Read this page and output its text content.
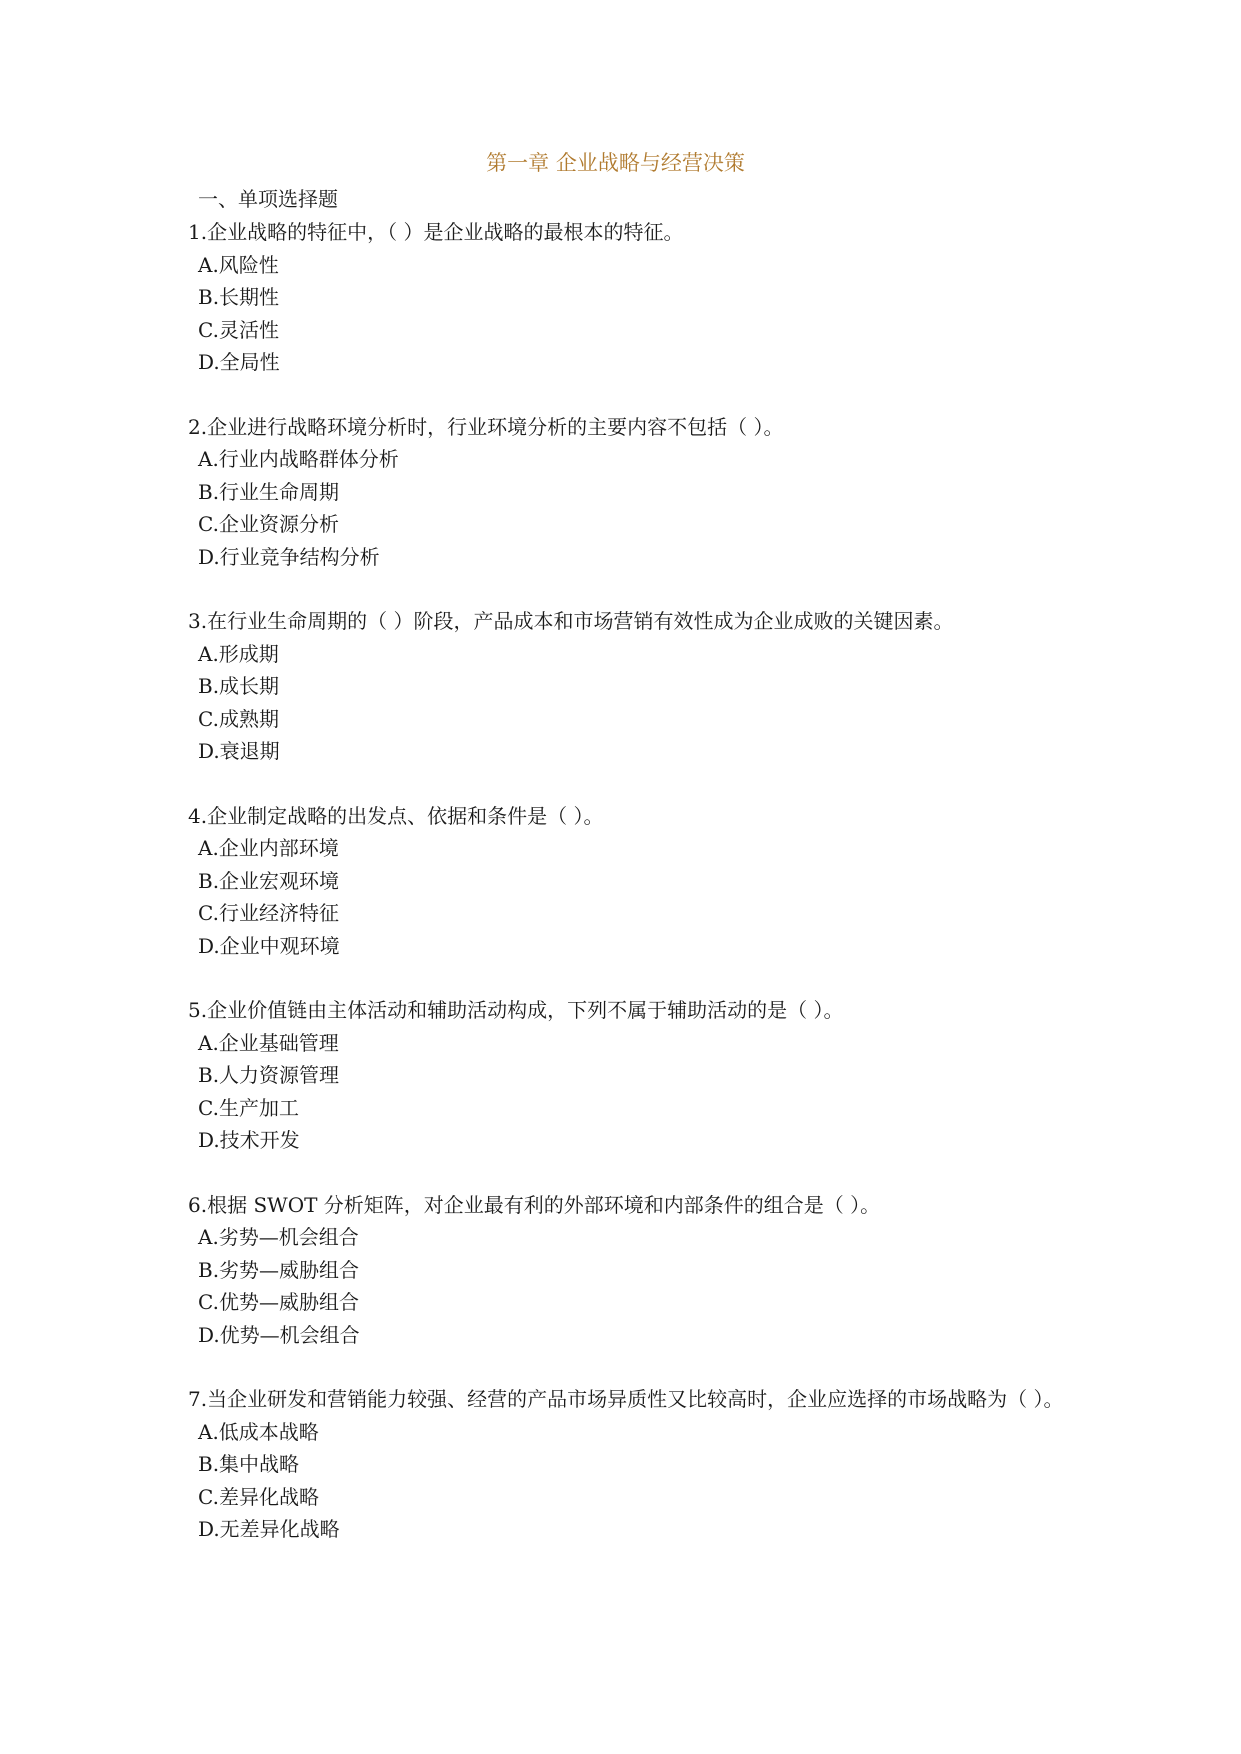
第一章 企业战略与经营决策
一、单项选择题

1.企业战略的特征中，（ ）是企业战略的最根本的特征。

A.风险性

B.长期性

C.灵活性

D.全局性

2.企业进行战略环境分析时，行业环境分析的主要内容不包括（ ）。

A.行业内战略群体分析

B.行业生命周期

C.企业资源分析

D.行业竞争结构分析

3.在行业生命周期的（ ）阶段，产品成本和市场营销有效性成为企业成败的关键因素。

A.形成期

B.成长期

C.成熟期

D.衰退期

4.企业制定战略的出发点、依据和条件是（ ）。

A.企业内部环境

B.企业宏观环境

C.行业经济特征

D.企业中观环境

5.企业价值链由主体活动和辅助活动构成，下列不属于辅助活动的是（ ）。

A.企业基础管理

B.人力资源管理

C.生产加工

D.技术开发

6.根据 SWOT 分析矩阵，对企业最有利的外部环境和内部条件的组合是（ ）。

A.劣势—机会组合

B.劣势—威胁组合

C.优势—威胁组合

D.优势—机会组合

7.当企业研发和营销能力较强、经营的产品市场异质性又比较高时，企业应选择的市场战略为（ ）。

A.低成本战略

B.集中战略

C.差异化战略

D.无差异化战略
